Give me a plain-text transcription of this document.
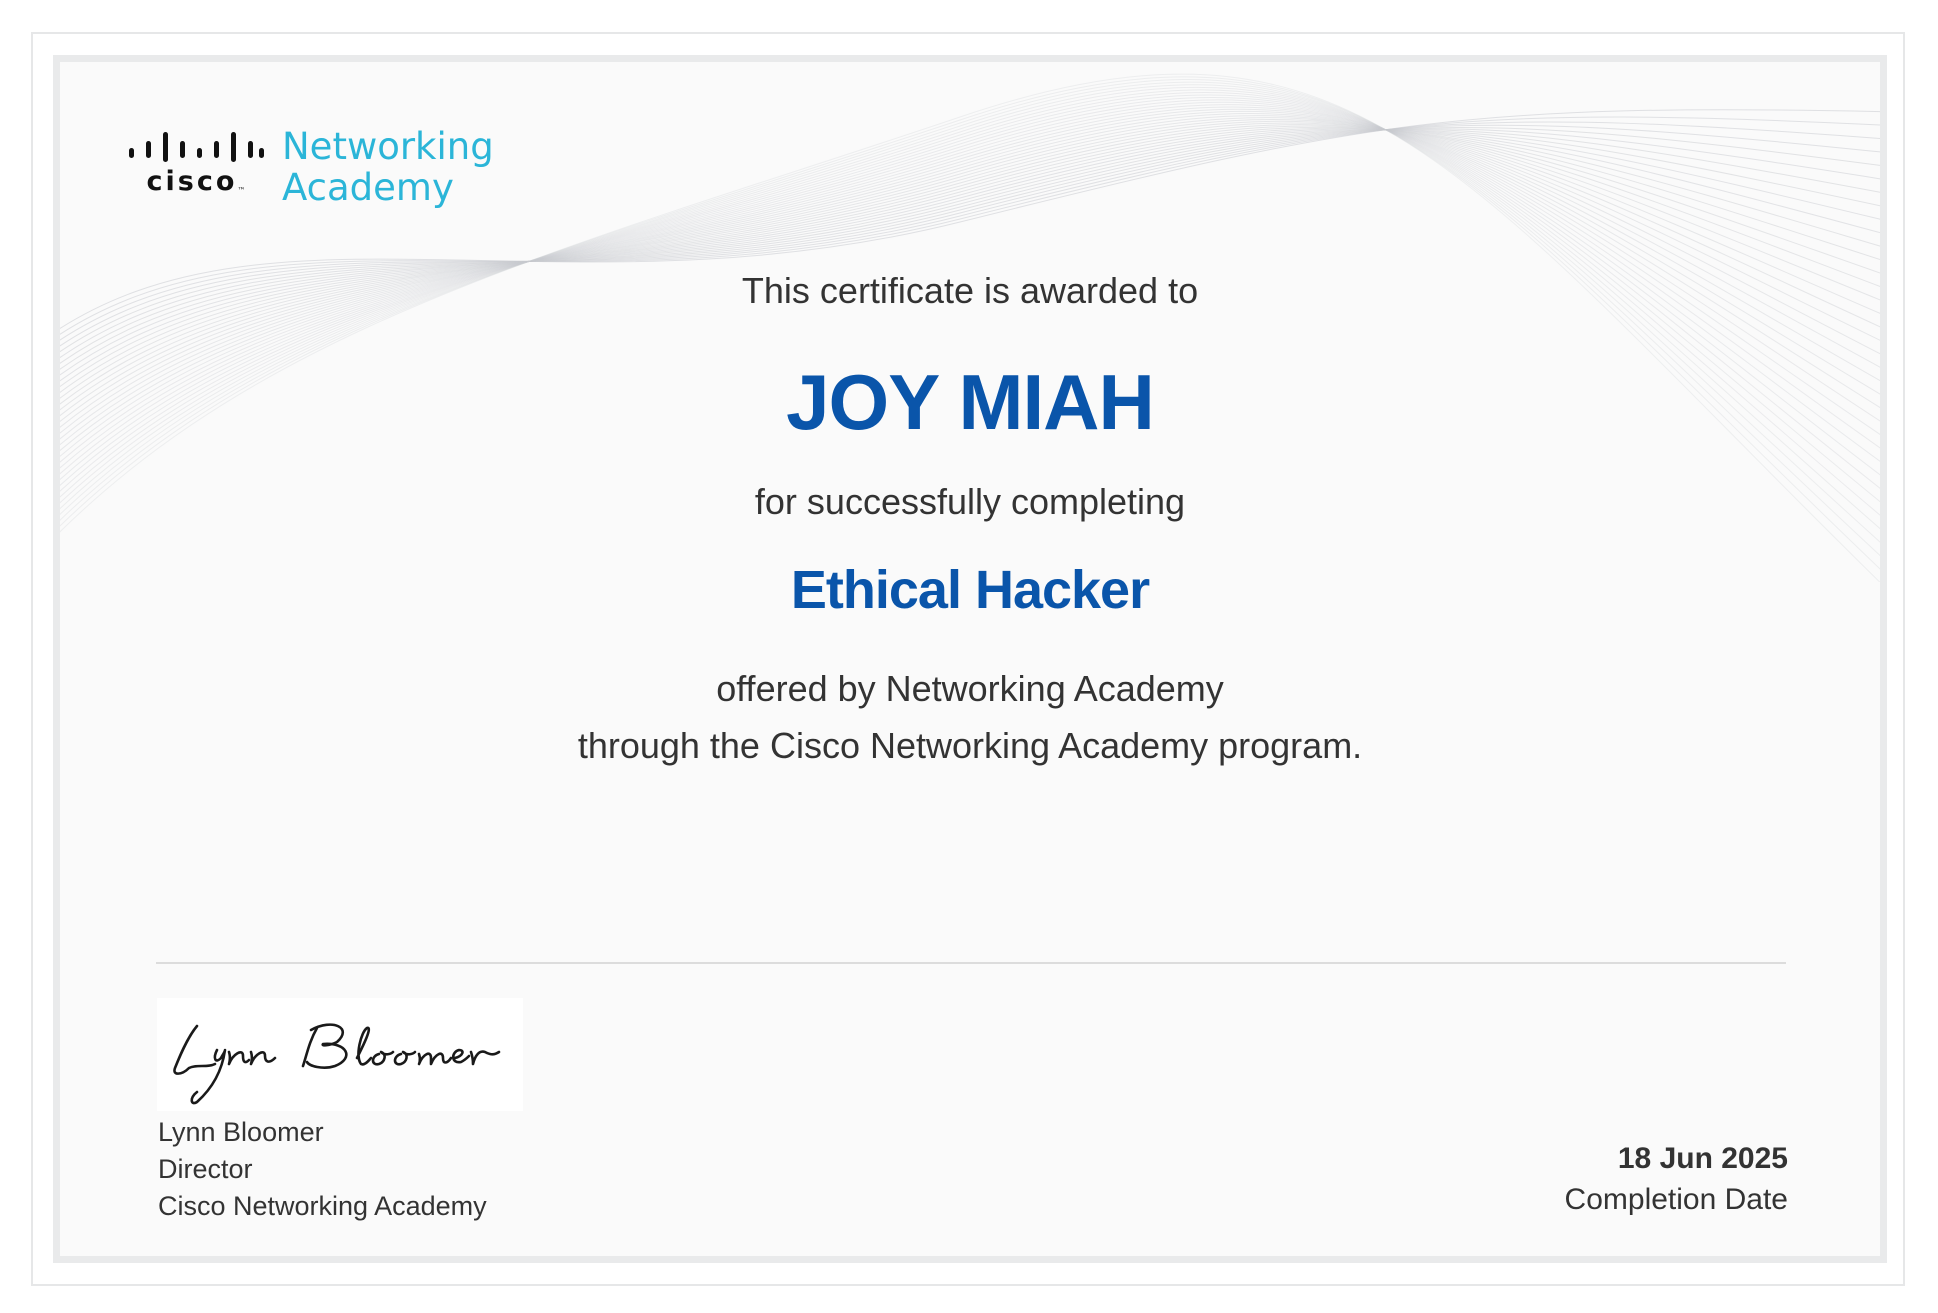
cisco™
Networking
Academy
This certificate is awarded to
JOY MIAH
for successfully completing
Ethical Hacker
offered by Networking Academy
through the Cisco Networking Academy program.
Lynn Bloomer
Director
Cisco Networking Academy
18 Jun 2025
Completion Date
